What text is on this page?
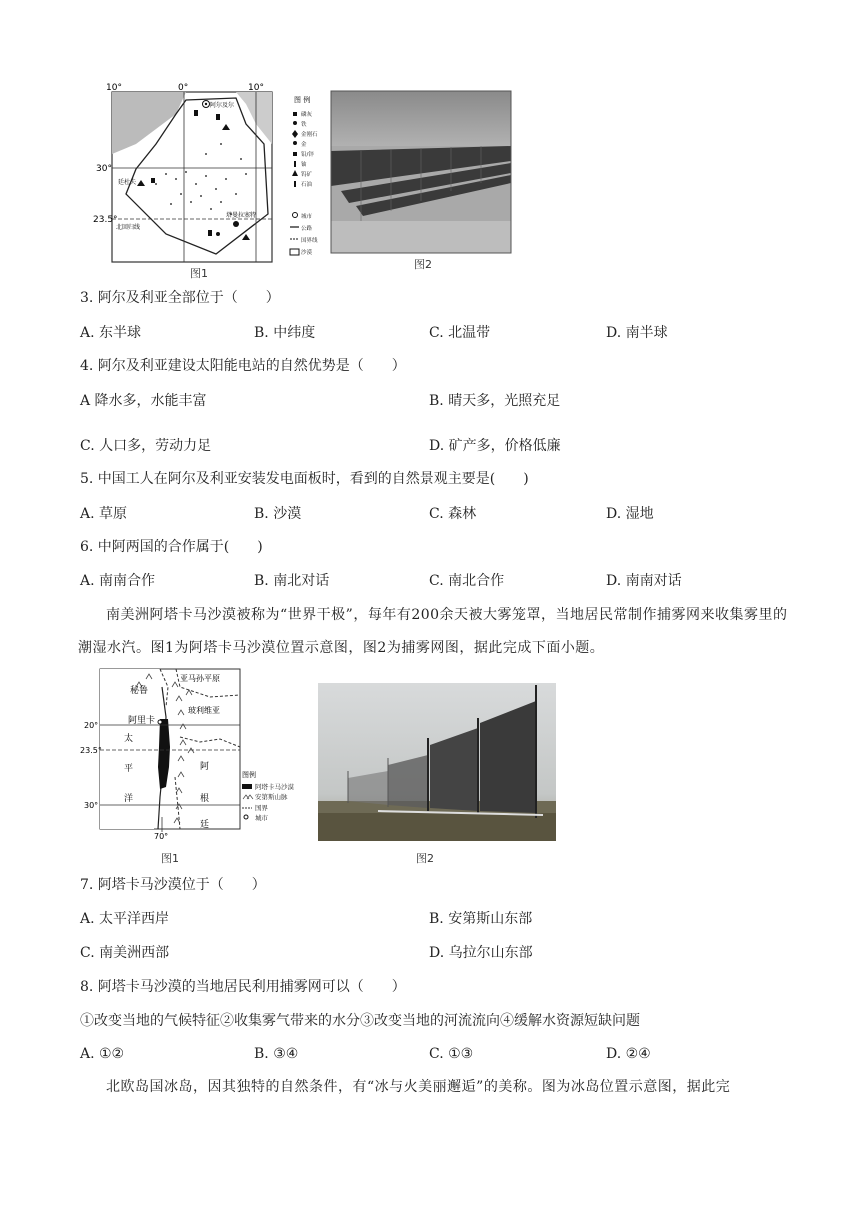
10°	0°	10°
30°
23.5°
阿尔及尔
北回归线
廷杜夫
塔曼拉塞特
图 例
磷灰
铁
金刚石
金
铅/锌
铀
钨矿
石油
城市
公路
国界线
沙漠
图1
图2
3. 阿尔及利亚全部位于（　　）
A. 东半球	B. 中纬度	C. 北温带	D. 南半球
4. 阿尔及利亚建设太阳能电站的自然优势是（　　）
A 降水多，水能丰富	B. 晴天多，光照充足
C. 人口多，劳动力足	D. 矿产多，价格低廉
5. 中国工人在阿尔及利亚安装发电面板时，看到的自然景观主要是(　　)
A. 草原	B. 沙漠	C. 森林	D. 湿地
6. 中阿两国的合作属于(　　)
A. 南南合作	B. 南北对话	C. 南北合作	D. 南南对话
南美洲阿塔卡马沙漠被称为“世界干极”，每年有200余天被大雾笼罩，当地居民常制作捕雾网来收集雾里的潮湿水汽。图1为阿塔卡马沙漠位置示意图，图2为捕雾网图，据此完成下面小题。
20°
23.5°
30°
70°
秘鲁
亚马孙平原
玻利维亚
阿里卡
太
平
洋
阿
根
廷
图例
阿塔卡马沙漠
安第斯山脉
国界
城市
图1	图2
7. 阿塔卡马沙漠位于（　　）
A. 太平洋西岸	B. 安第斯山东部
C. 南美洲西部	D. 乌拉尔山东部
8. 阿塔卡马沙漠的当地居民利用捕雾网可以（　　）
①改变当地的气候特征②收集雾气带来的水分③改变当地的河流流向④缓解水资源短缺问题
A. ①②	B. ③④	C. ①③	D. ②④
北欧岛国冰岛，因其独特的自然条件，有“冰与火美丽邂逅”的美称。图为冰岛位置示意图，据此完
